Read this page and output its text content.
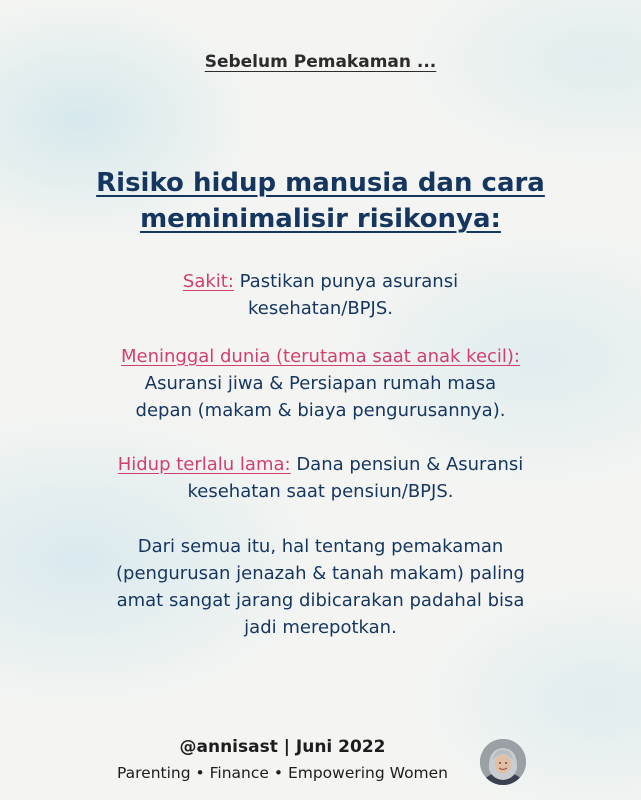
Sebelum Pemakaman ...
Risiko hidup manusia dan cara
meminimalisir risikonya:
Sakit: Pastikan punya asuransi
kesehatan/BPJS.
Meninggal dunia (terutama saat anak kecil):
Asuransi jiwa & Persiapan rumah masa
depan (makam & biaya pengurusannya).
Hidup terlalu lama: Dana pensiun & Asuransi
kesehatan saat pensiun/BPJS.
Dari semua itu, hal tentang pemakaman
(pengurusan jenazah & tanah makam) paling
amat sangat jarang dibicarakan padahal bisa
jadi merepotkan.
@annisast | Juni 2022
Parenting • Finance • Empowering Women
